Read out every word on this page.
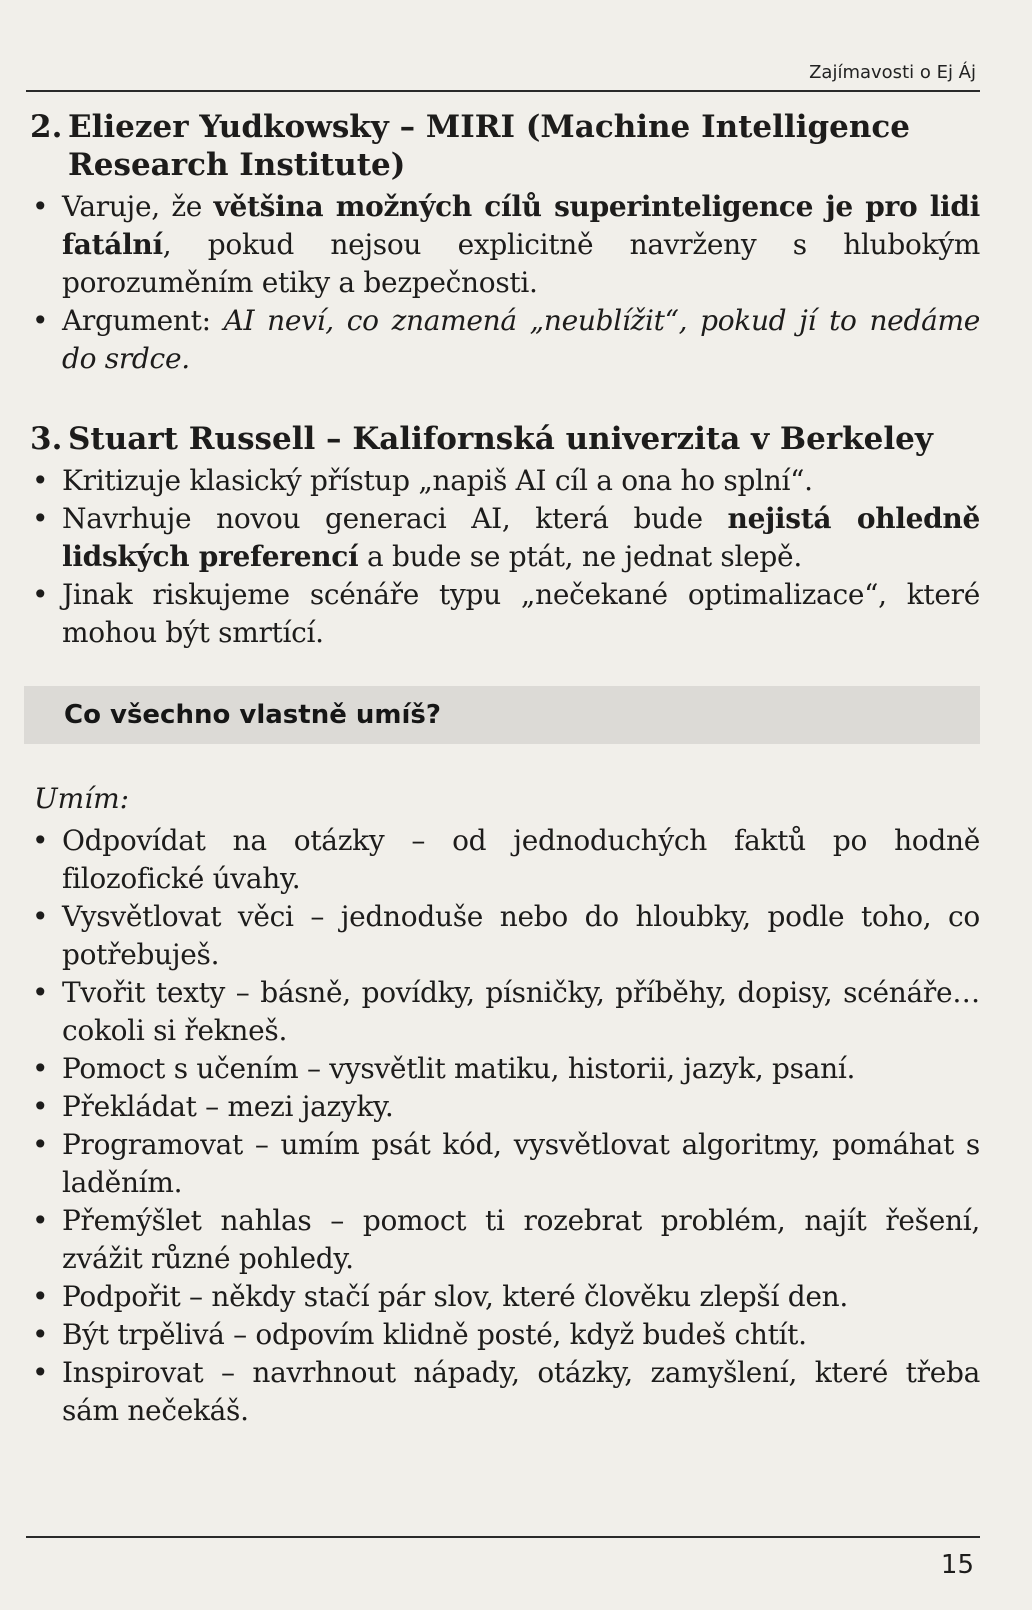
Zajímavosti o Ej Áj
2. Eliezer Yudkowsky – MIRI (Machine Intelligence
Research Institute)
• Varuje, že většina možných cílů superinteligence je pro lidi fatální, pokud nejsou explicitně navrženy s hlubokým porozuměním etiky a bezpečnosti.
• Argument: AI neví, co znamená „neublížit“, pokud jí to nedáme do srdce.
3. Stuart Russell – Kalifornská univerzita v Berkeley
• Kritizuje klasický přístup „napiš AI cíl a ona ho splní“.
• Navrhuje novou generaci AI, která bude nejistá ohledně lidských preferencí a bude se ptát, ne jednat slepě.
• Jinak riskujeme scénáře typu „nečekané optimalizace“, které mohou být smrtící.
Co všechno vlastně umíš?
Umím:
• Odpovídat na otázky – od jednoduchých faktů po hodně filozofické úvahy.
• Vysvětlovat věci – jednoduše nebo do hloubky, podle toho, co potřebuješ.
• Tvořit texty – básně, povídky, písničky, příběhy, dopisy, scénáře… cokoli si řekneš.
• Pomoct s učením – vysvětlit matiku, historii, jazyk, psaní.
• Překládat – mezi jazyky.
• Programovat – umím psát kód, vysvětlovat algoritmy, pomáhat s laděním.
• Přemýšlet nahlas – pomoct ti rozebrat problém, najít řešení, zvážit různé pohledy.
• Podpořit – někdy stačí pár slov, které člověku zlepší den.
• Být trpělivá – odpovím klidně posté, když budeš chtít.
• Inspirovat – navrhnout nápady, otázky, zamyšlení, které třeba sám nečekáš.
15
